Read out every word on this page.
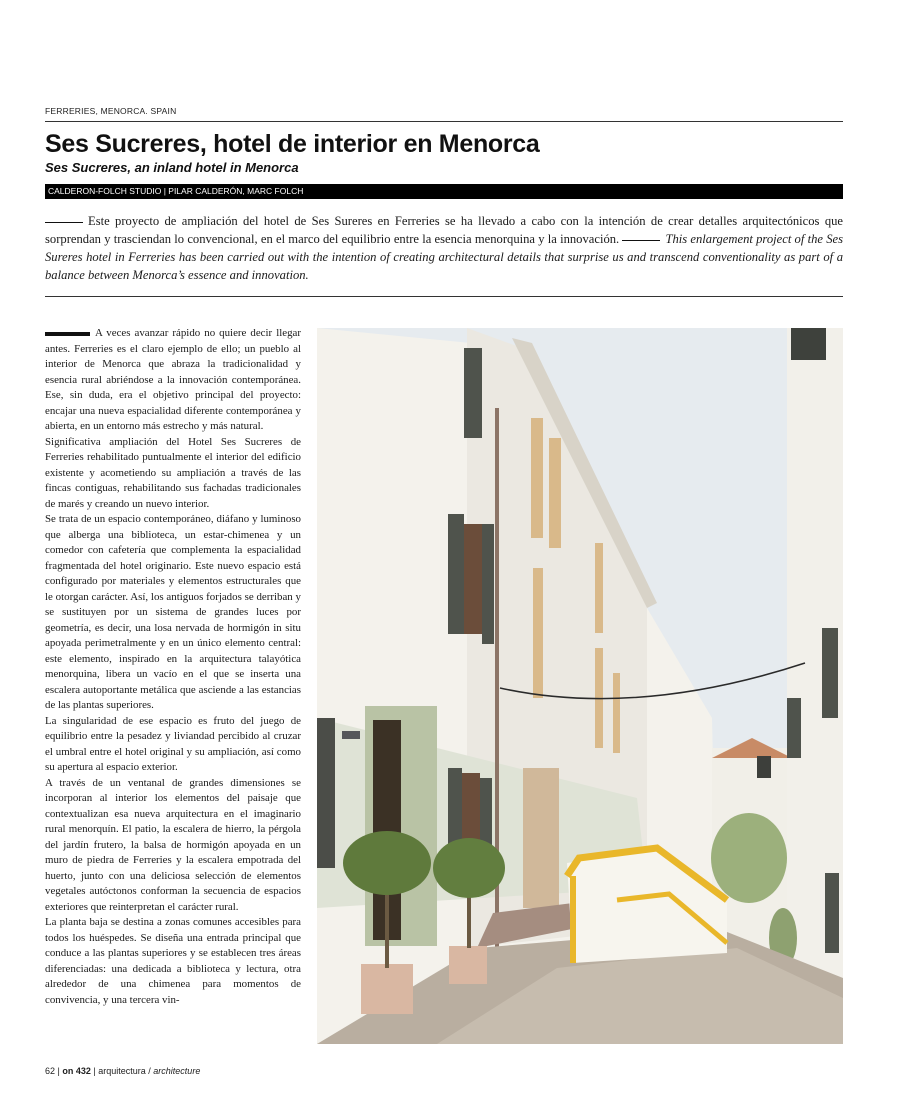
FERRERIES, MENORCA. SPAIN
Ses Sucreres, hotel de interior en Menorca
Ses Sucreres, an inland hotel in Menorca
CALDERON-FOLCH STUDIO | PILAR CALDERÓN, MARC FOLCH
Este proyecto de ampliación del hotel de Ses Sureres en Ferreries se ha llevado a cabo con la intención de crear detalles arquitectónicos que sorprendan y trasciendan lo convencional, en el marco del equilibrio entre la esencia menorquina y la innovación.	This enlargement project of the Ses Sureres hotel in Ferreries has been carried out with the intention of creating architectural details that surprise us and transcend conventionality as part of a balance between Menorca’s essence and innovation.

A veces avanzar rápido no quiere decir llegar antes. Ferreries es el claro ejemplo de ello; un pueblo al interior de Menorca que abraza la tradicionalidad y esencia rural abriéndose a la innovación contemporánea. Ese, sin duda, era el objetivo principal del proyecto: encajar una nueva espacialidad diferente contemporánea y abierta, en un entorno más estrecho y más natural.

Significativa ampliación del Hotel Ses Sucreres de Ferreries rehabilitado puntualmente el interior del edificio existente y acometiendo su ampliación a través de las fincas contiguas, rehabilitando sus fachadas tradicionales de marés y creando un nuevo interior.

Se trata de un espacio contemporáneo, diáfano y luminoso que alberga una biblioteca, un estar-chimenea y un comedor con cafetería que complementa la espacialidad fragmentada del hotel originario. Este nuevo espacio está configurado por materiales y elementos estructurales que le otorgan carácter. Así, los antiguos forjados se derriban y se sustituyen por un sistema de grandes luces por geometría, es decir, una losa nervada de hormigón in situ apoyada perimetralmente y en un único elemento central: este elemento, inspirado en la arquitectura talayótica menorquina, libera un vacío en el que se inserta una escalera autoportante metálica que asciende a las estancias de las plantas superiores.

La singularidad de ese espacio es fruto del juego de equilibrio entre la pesadez y liviandad percibido al cruzar el umbral entre el hotel original y su ampliación, así como su apertura al espacio exterior.

A través de un ventanal de grandes dimensiones se incorporan al interior los elementos del paisaje que contextualizan esa nueva arquitectura en el imaginario rural menorquín. El patio, la escalera de hierro, la pérgola del jardín frutero, la balsa de hormigón apoyada en un muro de piedra de Ferreries y la escalera empotrada del huerto, junto con una deliciosa selección de elementos vegetales autóctonos conforman la secuencia de espacios exteriores que reinterpretan el carácter rural.

La planta baja se destina a zonas comunes accesibles para todos los huéspedes. Se diseña una entrada principal que conduce a las plantas superiores y se establecen tres áreas diferenciadas: una dedicada a biblioteca y lectura, otra alrededor de una chimenea para momentos de convivencia, y una tercera vin-

62 | on 432 | arquitectura / architecture
